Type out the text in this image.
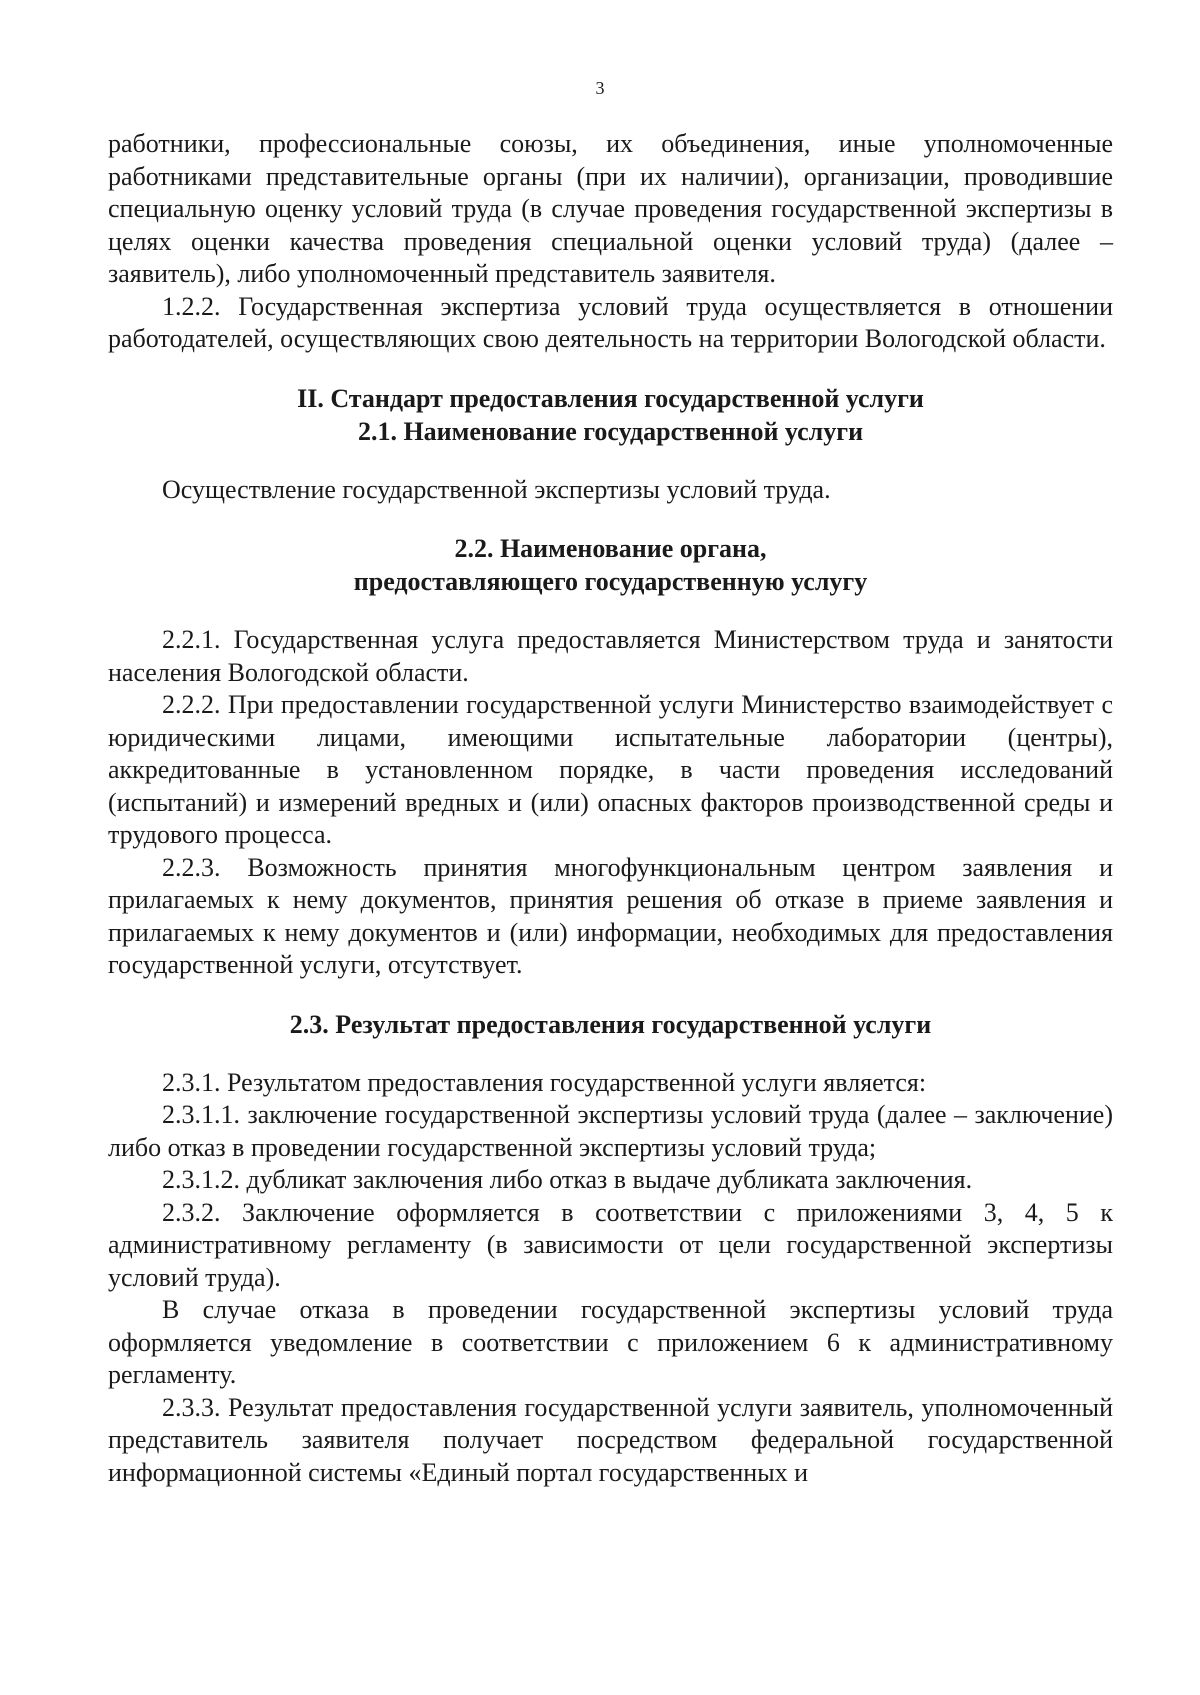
3

работники, профессиональные союзы, их объединения, иные уполномоченные работниками представительные органы (при их наличии), организации, проводившие специальную оценку условий труда (в случае проведения государственной экспертизы в целях оценки качества проведения специальной оценки условий труда) (далее – заявитель), либо уполномоченный представитель заявителя.

1.2.2. Государственная экспертиза условий труда осуществляется в отношении работодателей, осуществляющих свою деятельность на территории Вологодской области.

II. Стандарт предоставления государственной услуги

2.1. Наименование государственной услуги

Осуществление государственной экспертизы условий труда.

2.2. Наименование органа,

предоставляющего государственную услугу

2.2.1. Государственная услуга предоставляется Министерством труда и занятости населения Вологодской области.

2.2.2. При предоставлении государственной услуги Министерство взаимодействует с юридическими лицами, имеющими испытательные лаборатории (центры), аккредитованные в установленном порядке, в части проведения исследований (испытаний) и измерений вредных и (или) опасных факторов производственной среды и трудового процесса.

2.2.3. Возможность принятия многофункциональным центром заявления и прилагаемых к нему документов, принятия решения об отказе в приеме заявления и прилагаемых к нему документов и (или) информации, необходимых для предоставления государственной услуги, отсутствует.

2.3. Результат предоставления государственной услуги

2.3.1. Результатом предоставления государственной услуги является:

2.3.1.1. заключение государственной экспертизы условий труда (далее – заключение) либо отказ в проведении государственной экспертизы условий труда;

2.3.1.2. дубликат заключения либо отказ в выдаче дубликата заключения.

2.3.2. Заключение оформляется в соответствии с приложениями 3, 4, 5 к административному регламенту (в зависимости от цели государственной экспертизы условий труда).

В случае отказа в проведении государственной экспертизы условий труда оформляется уведомление в соответствии с приложением 6 к административному регламенту.

2.3.3. Результат предоставления государственной услуги заявитель, уполномоченный представитель заявителя получает посредством федеральной государственной информационной системы «Единый портал государственных и
